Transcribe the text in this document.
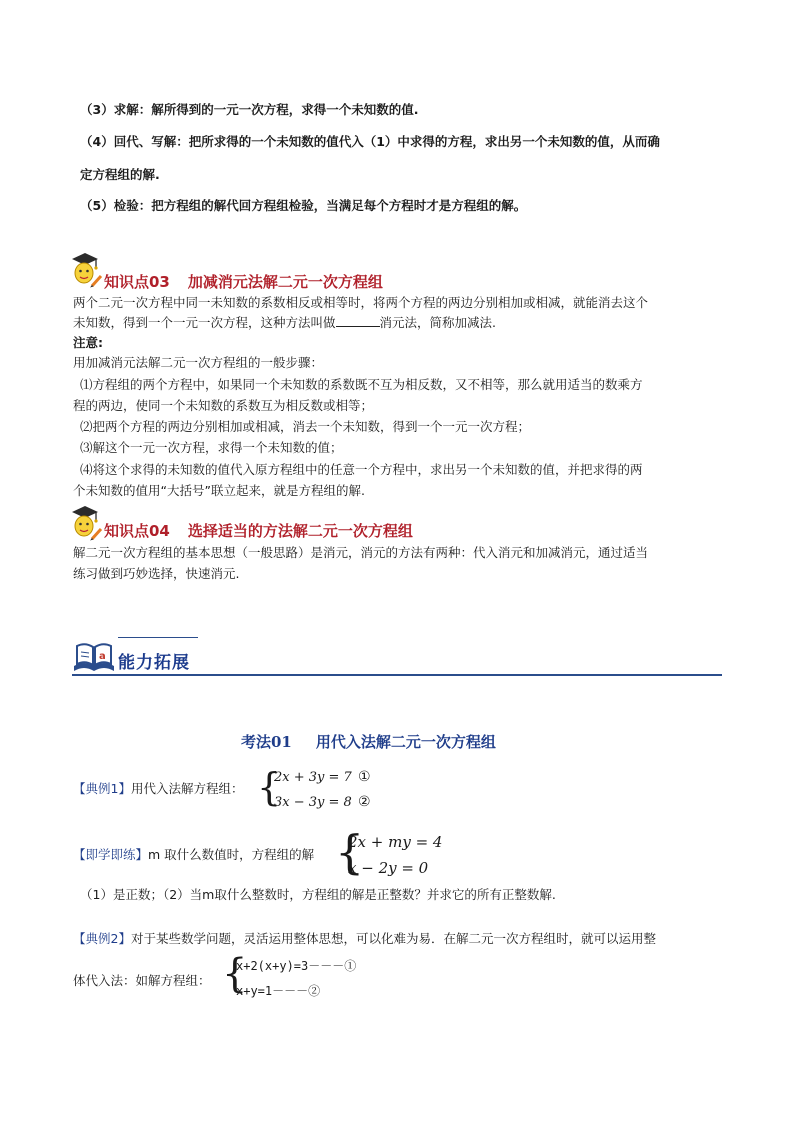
（3）求解：解所得到的一元一次方程，求得一个未知数的值.
（4）回代、写解：把所求得的一个未知数的值代入（1）中求得的方程，求出另一个未知数的值，从而确
定方程组的解.
（5）检验：把方程组的解代回方程组检验，当满足每个方程时才是方程组的解。
知识点03 加减消元法解二元一次方程组
两个二元一次方程中同一未知数的系数相反或相等时，将两个方程的两边分别相加或相减，就能消去这个
未知数，得到一个一元一次方程，这种方法叫做	消元法，简称加减法.
注意:
用加减消元法解二元一次方程组的一般步骤：
⑴方程组的两个方程中，如果同一个未知数的系数既不互为相反数，又不相等，那么就用适当的数乘方
程的两边，使同一个未知数的系数互为相反数或相等；
⑵把两个方程的两边分别相加或相减，消去一个未知数，得到一个一元一次方程；
⑶解这个一元一次方程，求得一个未知数的值；
⑷将这个求得的未知数的值代入原方程组中的任意一个方程中，求出另一个未知数的值，并把求得的两
个未知数的值用“大括号”联立起来，就是方程组的解.
知识点04 选择适当的方法解二元一次方程组
解二元一次方程组的基本思想（一般思路）是消元，消元的方法有两种：代入消元和加减消元，通过适当
练习做到巧妙选择，快速消元.
a 能力拓展
考法01 用代入法解二元一次方程组
【典例1】用代入法解方程组： {
2x + 3y = 7
3x − 3y = 8
①
②
【即学即练】m 取什么数值时，方程组的解 {
2x + my = 4
x − 2y = 0
（1）是正数；（2）当m取什么整数时，方程组的解是正整数？并求它的所有正整数解.
【典例2】对于某些数学问题，灵活运用整体思想，可以化难为易．在解二元一次方程组时，就可以运用整
体代入法：如解方程组： {
x+2(x+y)=3－－－①
x+y=1－－－②
